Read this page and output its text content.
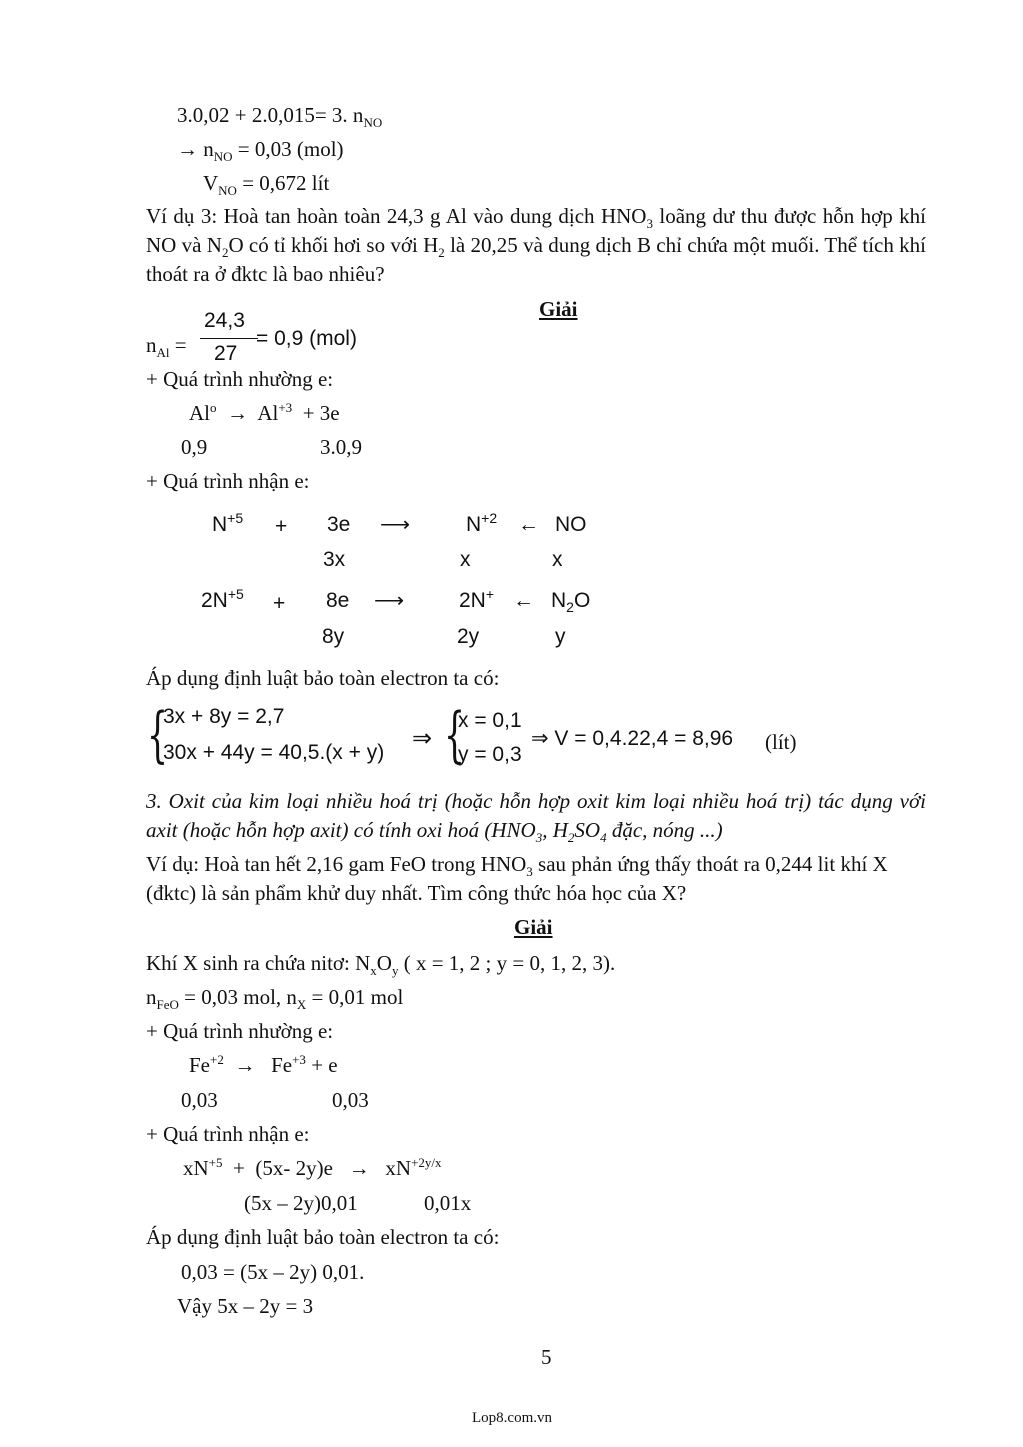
3.0,02 + 2.0,015= 3. $n_{NO}$
→ $n_{NO} = 0,03$ (mol)
$V_{NO} = 0,672$ lít
Ví dụ 3: Hoà tan hoàn toàn 24,3 g Al vào dung dịch $HNO_3$ loãng dư thu được hỗn hợp khí NO và $N_2O$ có tỉ khối hơi so với $H_2$ là 20,25 và dung dịch B chỉ chứa một muối. Thể tích khí thoát ra ở đktc là bao nhiêu?
Giải
$n_{Al}$ =
24,3
27
= 0,9 (mol)
+ Quá trình nhường e:
$Al^o \to Al^{+3} + 3e$
0,9	3.0,9
+ Quá trình nhận e:
$N^{+5} + 3e$ ⟶	$N^{+2}$ ← NO
3x	x	x
$2N^{+5} + 8e$ ⟶	2N+ ← $N_2O$
8y	2y	y
Áp dụng định luật bảo toàn electron ta có:
{
3x + 8y = 2,7
30x + 44y = 40,5.(x + y)
⇒ {
x = 0,1
y = 0,3
⇒ V = 0,4.22,4 = 8,96 (lít)
3. Oxit của kim loại nhiều hoá trị (hoặc hỗn hợp oxit kim loại nhiều hoá trị) tác dụng với axit (hoặc hỗn hợp axit) có tính oxi hoá ($HNO_3$, $H_2SO_4$ đặc, nóng ...)
Ví dụ: Hoà tan hết 2,16 gam FeO trong $HNO_3$ sau phản ứng thấy thoát ra 0,244 lit khí X (đktc) là sản phẩm khử duy nhất. Tìm công thức hóa học của X?
Giải
Khí X sinh ra chứa nitơ: $N_xO_y$ ( x = 1, 2 ; y = 0, 1, 2, 3).
$n_{FeO} = 0,03$ mol, $n_X = 0,01$ mol
+ Quá trình nhường e:
$Fe^{+2} \to Fe^{+3} + e$
0,03	0,03
+ Quá trình nhận e:
$xN^{+5} + (5x-$ $2y)e \to xN^{+2y/x}$
(5x – 2y)0,01	0,01x
Áp dụng định luật bảo toàn electron ta có:
0,03 = (5x – 2y) 0,01.
Vậy 5x – 2y = 3
5
Lop8.com.vn
